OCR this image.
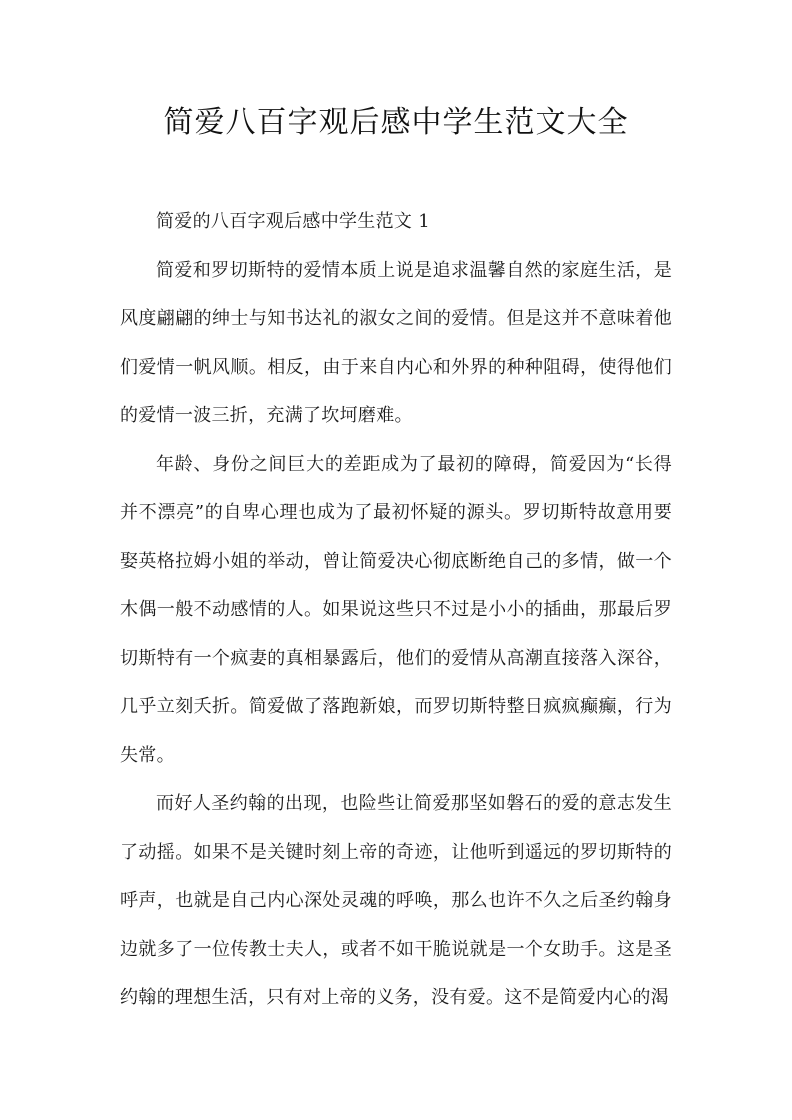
简爱八百字观后感中学生范文大全

简爱的八百字观后感中学生范文 1

简爱和罗切斯特的爱情本质上说是追求温馨自然的家庭生活，是风度翩翩的绅士与知书达礼的淑女之间的爱情。但是这并不意味着他们爱情一帆风顺。相反，由于来自内心和外界的种种阻碍，使得他们的爱情一波三折，充满了坎坷磨难。

年龄、身份之间巨大的差距成为了最初的障碍，简爱因为“长得并不漂亮”的自卑心理也成为了最初怀疑的源头。罗切斯特故意用要娶英格拉姆小姐的举动，曾让简爱决心彻底断绝自己的多情，做一个木偶一般不动感情的人。如果说这些只不过是小小的插曲，那最后罗切斯特有一个疯妻的真相暴露后，他们的爱情从高潮直接落入深谷，几乎立刻夭折。简爱做了落跑新娘，而罗切斯特整日疯疯癫癫，行为失常。

而好人圣约翰的出现，也险些让简爱那坚如磐石的爱的意志发生了动摇。如果不是关键时刻上帝的奇迹，让他听到遥远的罗切斯特的呼声，也就是自己内心深处灵魂的呼唤，那么也许不久之后圣约翰身边就多了一位传教士夫人，或者不如干脆说就是一个女助手。这是圣约翰的理想生活，只有对上帝的义务，没有爱。这不是简爱内心的渴
